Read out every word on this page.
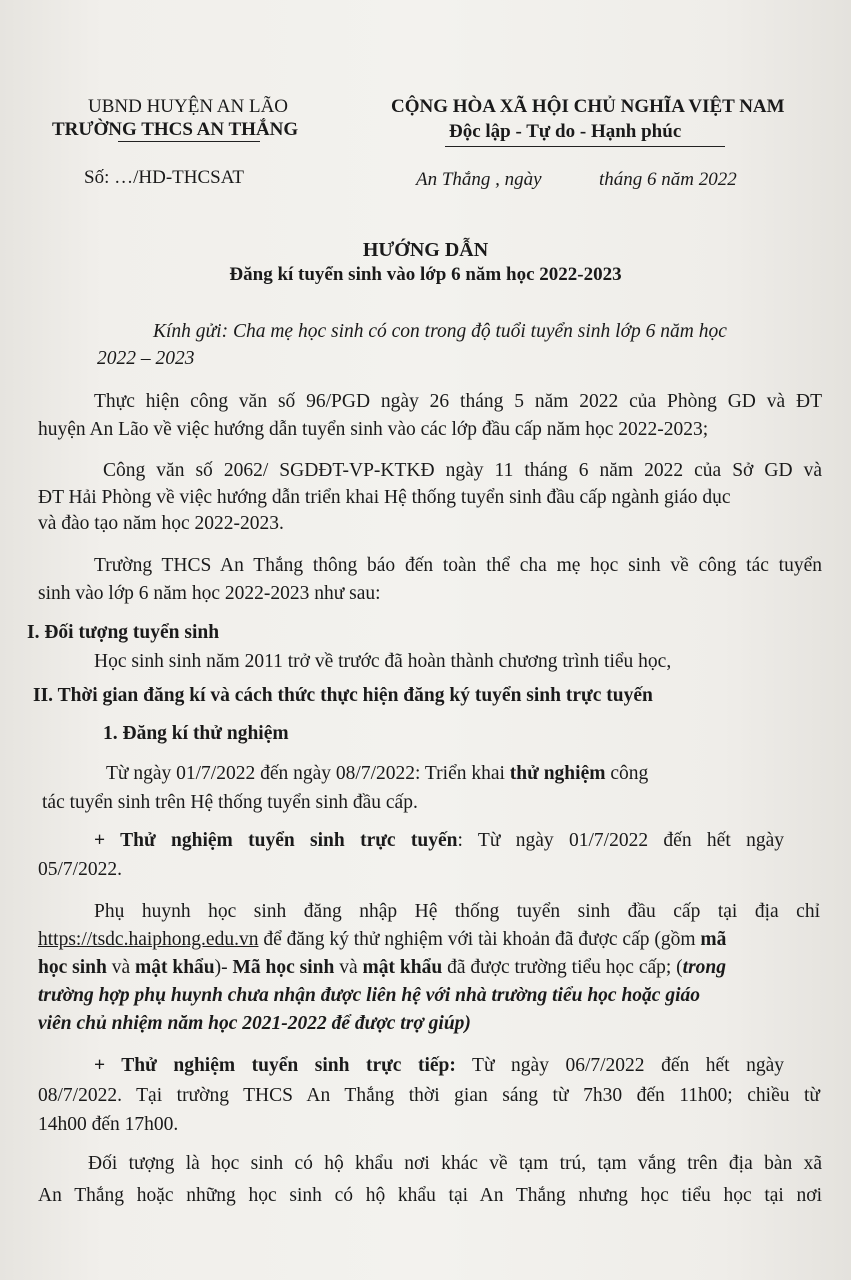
UBND HUYỆN AN LÃO
TRƯỜNG THCS AN THẮNG
Số: …/HD-THCSAT
CỘNG HÒA XÃ HỘI CHỦ NGHĨA VIỆT NAM
Độc lập - Tự do - Hạnh phúc
An Thắng , ngày	tháng 6 năm 2022
HƯỚNG DẪN
Đăng kí tuyển sinh vào lớp 6 năm học 2022-2023
Kính gửi: Cha mẹ học sinh có con trong độ tuổi tuyển sinh lớp 6 năm học
2022 – 2023
Thực hiện công văn số 96/PGD ngày 26 tháng 5 năm 2022 của Phòng GD và ĐT
huyện An Lão về việc hướng dẫn tuyển sinh vào các lớp đầu cấp năm học 2022-2023;
Công văn số 2062/ SGDĐT-VP-KTKĐ ngày 11 tháng 6 năm 2022 của Sở GD và
ĐT Hải Phòng về việc hướng dẫn triển khai Hệ thống tuyển sinh đầu cấp ngành giáo dục
và đào tạo năm học 2022-2023.
Trường THCS An Thắng thông báo đến toàn thể cha mẹ học sinh về công tác tuyển
sinh vào lớp 6 năm học 2022-2023 như sau:
I. Đối tượng tuyển sinh
Học sinh sinh năm 2011 trở về trước đã hoàn thành chương trình tiểu học,
II. Thời gian đăng kí và cách thức thực hiện đăng ký tuyển sinh trực tuyến
1. Đăng kí thử nghiệm
Từ ngày 01/7/2022 đến ngày 08/7/2022: Triển khai thử nghiệm công
tác tuyển sinh trên Hệ thống tuyển sinh đầu cấp.
+ Thử nghiệm tuyển sinh trực tuyến: Từ ngày 01/7/2022 đến hết ngày
05/7/2022.
Phụ huynh học sinh đăng nhập Hệ thống tuyển sinh đầu cấp tại địa chỉ
https://tsdc.haiphong.edu.vn để đăng ký thử nghiệm với tài khoản đã được cấp (gồm mã
học sinh và mật khẩu)- Mã học sinh và mật khẩu đã được trường tiểu học cấp; (trong
trường hợp phụ huynh chưa nhận được liên hệ với nhà trường tiểu học hoặc giáo
viên chủ nhiệm năm học 2021-2022 để được trợ giúp)
+ Thử nghiệm tuyển sinh trực tiếp: Từ ngày 06/7/2022 đến hết ngày
08/7/2022. Tại trường THCS An Thắng thời gian sáng từ 7h30 đến 11h00; chiều từ
14h00 đến 17h00.
Đối tượng là học sinh có hộ khẩu nơi khác về tạm trú, tạm vắng trên địa bàn xã
An Thắng hoặc những học sinh có hộ khẩu tại An Thắng nhưng học tiểu học tại nơi
